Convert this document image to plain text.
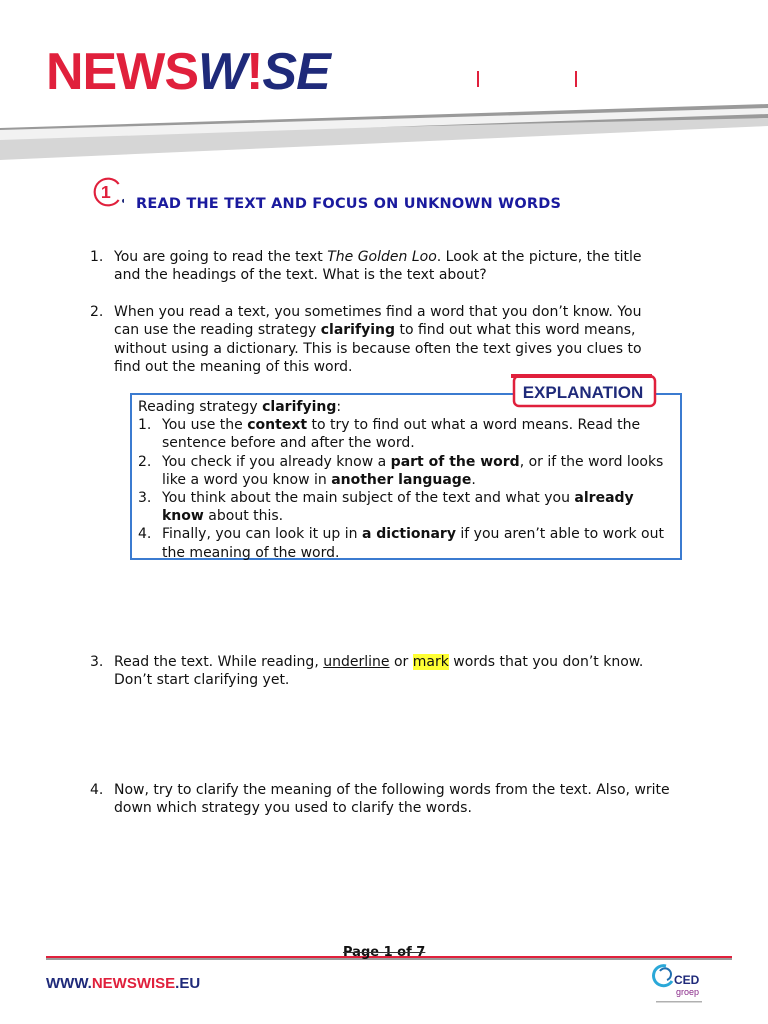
NEWSW!SE
1
READ THE TEXT AND FOCUS ON UNKNOWN WORDS
1. You are going to read the text The Golden Loo. Look at the picture, the title and the headings of the text. What is the text about?
2. When you read a text, you sometimes find a word that you don’t know. You can use the reading strategy clarifying to find out what this word means, without using a dictionary. This is because often the text gives you clues to find out the meaning of this word.
Reading strategy clarifying:
1. You use the context to try to find out what a word means. Read the sentence before and after the word.
2. You check if you already know a part of the word, or if the word looks like a word you know in another language.
3. You think about the main subject of the text and what you already know about this.
4. Finally, you can look it up in a dictionary if you aren’t able to work out the meaning of the word.
EXPLANATION
3. Read the text. While reading, underline or mark words that you don’t know. Don’t start clarifying yet.
4. Now, try to clarify the meaning of the following words from the text. Also, write down which strategy you used to clarify the words.
Page 1 of 7
WWW.NEWSWISE.EU	CED
groep
